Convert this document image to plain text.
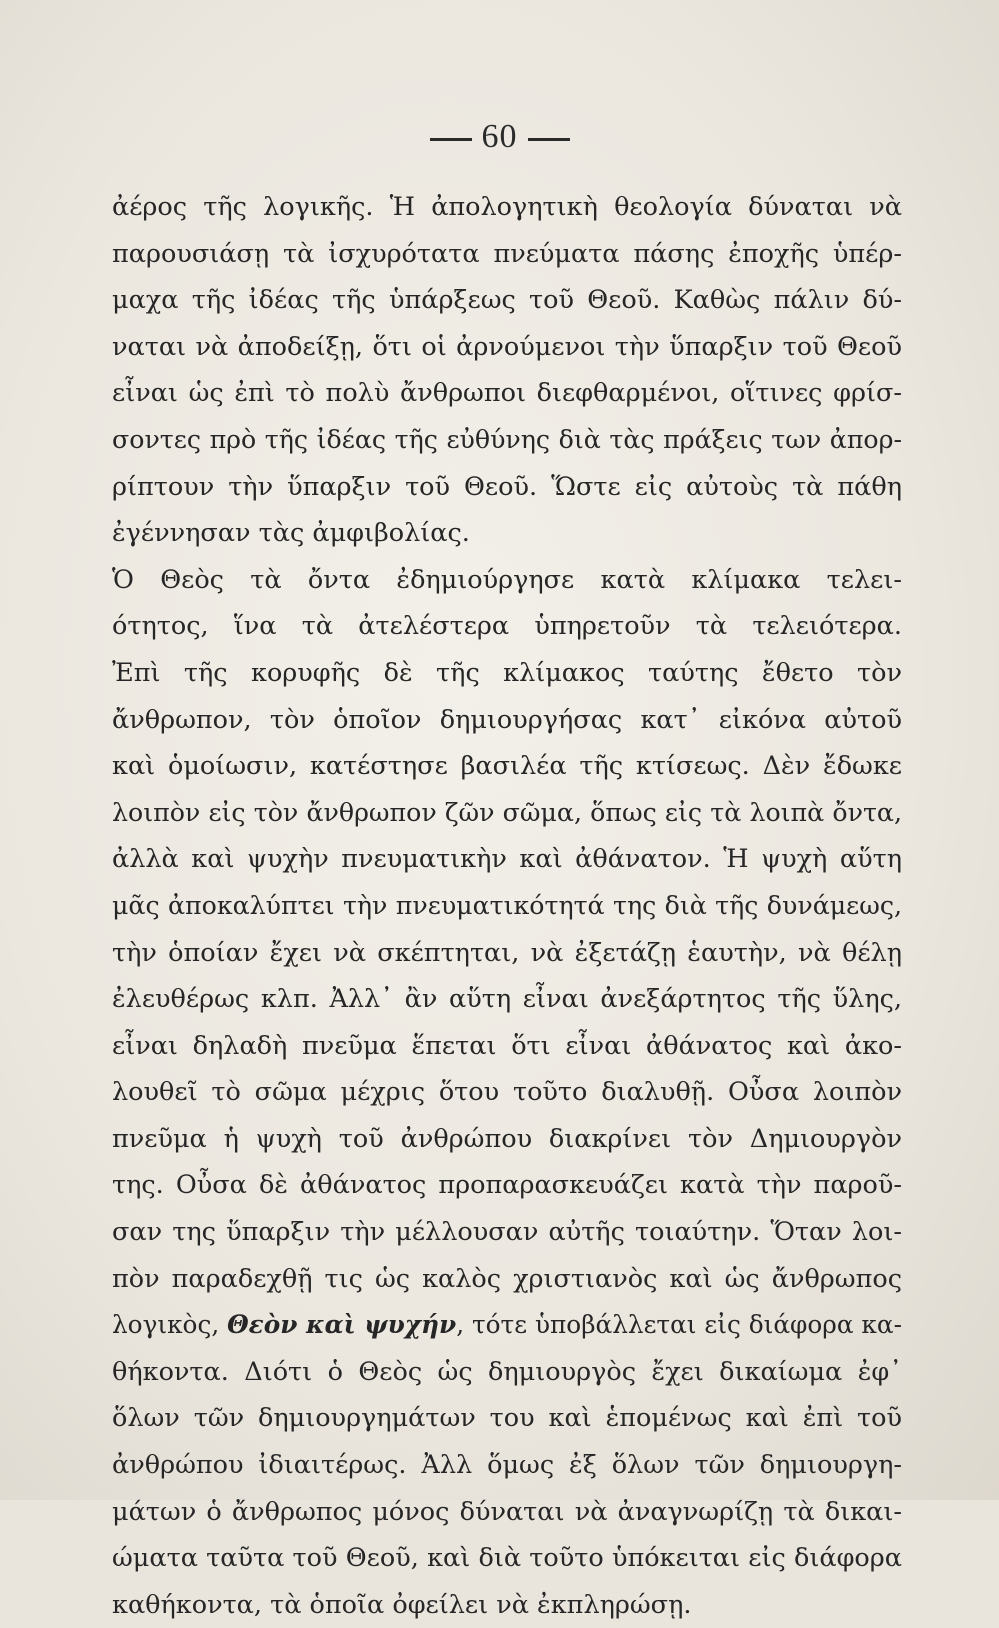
60
ἀέρος τῆς λογικῆς. Ἡ ἀπολογητικὴ θεολογία δύναται νὰ
παρουσιάσῃ τὰ ἰσχυρότατα πνεύματα πάσης ἐποχῆς ὑπέρ-
μαχα τῆς ἰδέας τῆς ὑπάρξεως τοῦ Θεοῦ. Καθὼς πάλιν δύ-
ναται νὰ ἀποδείξῃ, ὅτι οἱ ἀρνούμενοι τὴν ὕπαρξιν τοῦ Θεοῦ
εἶναι ὡς ἐπὶ τὸ πολὺ ἄνθρωποι διεφθαρμένοι, οἵτινες φρίσ-
σοντες πρὸ τῆς ἰδέας τῆς εὐθύνης διὰ τὰς πράξεις των ἀπορ-
ρίπτουν τὴν ὕπαρξιν τοῦ Θεοῦ. Ὥστε εἰς αὐτοὺς τὰ πάθη
ἐγέννησαν τὰς ἀμφιβολίας.
Ὁ Θεὸς τὰ ὄντα ἐδημιούργησε κατὰ κλίμακα τελει-
ότητος, ἵνα τὰ ἀτελέστερα ὑπηρετοῦν τὰ τελειότερα.
Ἐπὶ τῆς κορυφῆς δὲ τῆς κλίμακος ταύτης ἔθετο τὸν
ἄνθρωπον, τὸν ὁποῖον δημιουργήσας κατ᾽ εἰκόνα αὐτοῦ
καὶ ὁμοίωσιν, κατέστησε βασιλέα τῆς κτίσεως. Δὲν ἔδωκε
λοιπὸν εἰς τὸν ἄνθρωπον ζῶν σῶμα, ὅπως εἰς τὰ λοιπὰ ὄντα,
ἀλλὰ καὶ ψυχὴν πνευματικὴν καὶ ἀθάνατον. Ἡ ψυχὴ αὕτη
μᾶς ἀποκαλύπτει τὴν πνευματικότητά της διὰ τῆς δυνάμεως,
τὴν ὁποίαν ἔχει νὰ σκέπτηται, νὰ ἐξετάζῃ ἑαυτὴν, νὰ θέλῃ
ἐλευθέρως κλπ. Ἀλλ᾽ ἂν αὕτη εἶναι ἀνεξάρτητος τῆς ὕλης,
εἶναι δηλαδὴ πνεῦμα ἕπεται ὅτι εἶναι ἀθάνατος καὶ ἀκο-
λουθεῖ τὸ σῶμα μέχρις ὅτου τοῦτο διαλυθῇ. Οὖσα λοιπὸν
πνεῦμα ἡ ψυχὴ τοῦ ἀνθρώπου διακρίνει τὸν Δημιουργὸν
της. Οὖσα δὲ ἀθάνατος προπαρασκευάζει κατὰ τὴν παροῦ-
σαν της ὕπαρξιν τὴν μέλλουσαν αὐτῆς τοιαύτην. Ὅταν λοι-
πὸν παραδεχθῇ τις ὡς καλὸς χριστιανὸς καὶ ὡς ἄνθρωπος
λογικὸς, Θεὸν καὶ ψυχήν, τότε ὑποβάλλεται εἰς διάφορα κα-
θήκοντα. Διότι ὁ Θεὸς ὡς δημιουργὸς ἔχει δικαίωμα ἐφ᾽
ὅλων τῶν δημιουργημάτων του καὶ ἑπομένως καὶ ἐπὶ τοῦ
ἀνθρώπου ἰδιαιτέρως. Ἀλλ ὅμως ἐξ ὅλων τῶν δημιουργη-
μάτων ὁ ἄνθρωπος μόνος δύναται νὰ ἀναγνωρίζῃ τὰ δικαι-
ώματα ταῦτα τοῦ Θεοῦ, καὶ διὰ τοῦτο ὑπόκειται εἰς διάφορα
καθήκοντα, τὰ ὁποῖα ὀφείλει νὰ ἐκπληρώσῃ.
